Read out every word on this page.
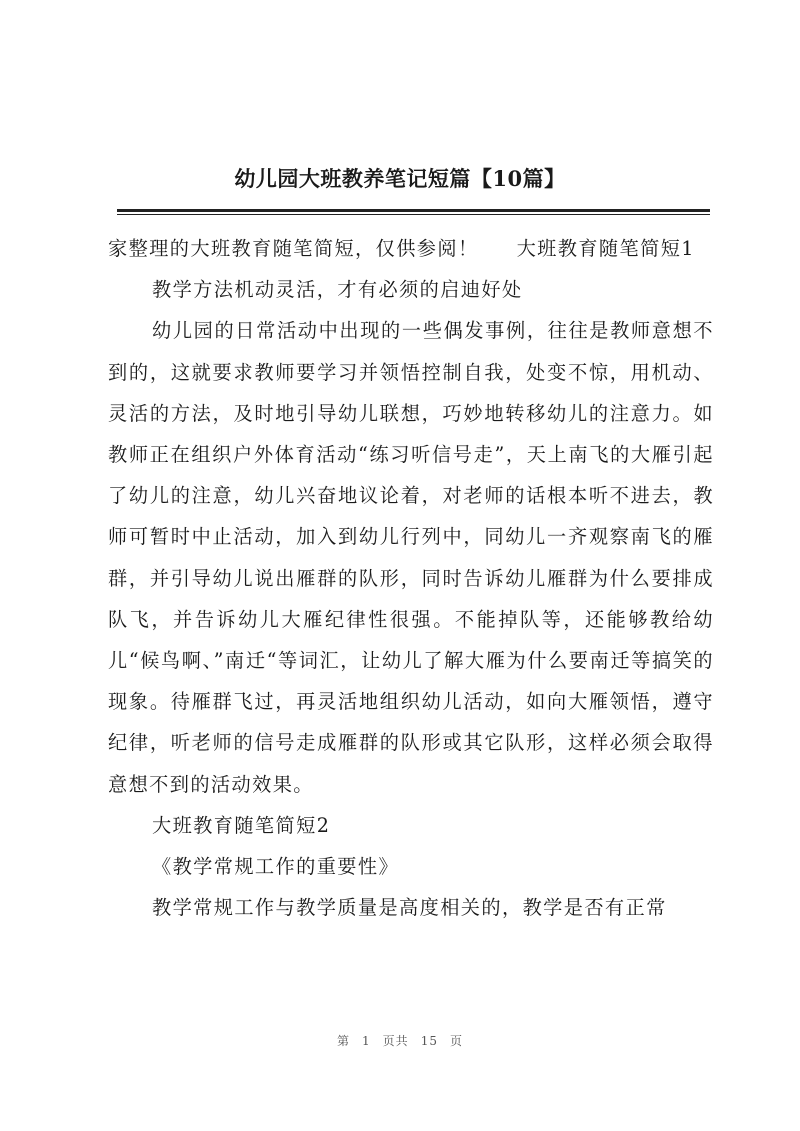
幼儿园大班教养笔记短篇【10篇】

家整理的大班教育随笔简短，仅供参阅！ 大班教育随笔简短1

教学方法机动灵活，才有必须的启迪好处

幼儿园的日常活动中出现的一些偶发事例，往往是教师意想不到的，这就要求教师要学习并领悟控制自我，处变不惊，用机动、灵活的方法，及时地引导幼儿联想，巧妙地转移幼儿的注意力。如教师正在组织户外体育活动“练习听信号走”，天上南飞的大雁引起了幼儿的注意，幼儿兴奋地议论着，对老师的话根本听不进去，教师可暂时中止活动，加入到幼儿行列中，同幼儿一齐观察南飞的雁群，并引导幼儿说出雁群的队形，同时告诉幼儿雁群为什么要排成队飞，并告诉幼儿大雁纪律性很强。不能掉队等，还能够教给幼儿“候鸟啊、”南迁“等词汇，让幼儿了解大雁为什么要南迁等搞笑的现象。待雁群飞过，再灵活地组织幼儿活动，如向大雁领悟，遵守纪律，听老师的信号走成雁群的队形或其它队形，这样必须会取得意想不到的活动效果。

大班教育随笔简短2

《教学常规工作的重要性》

教学常规工作与教学质量是高度相关的，教学是否有正常

第 1 页共 15 页
